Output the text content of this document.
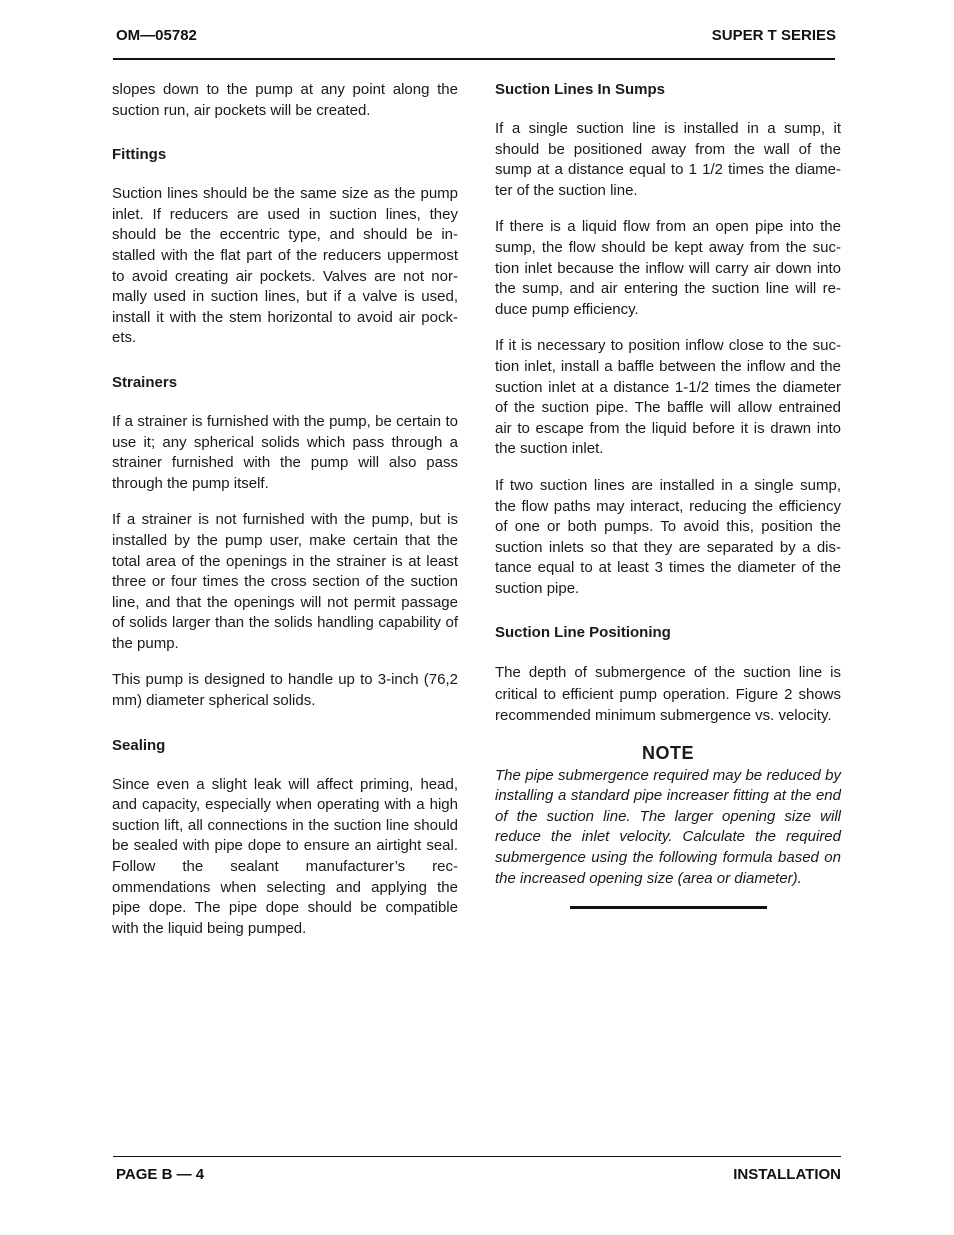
OM—05782	SUPER T SERIES

slopes down to the pump at any point along the suction run, air pockets will be created.

Fittings

Suction lines should be the same size as the pump inlet. If reducers are used in suction lines, they should be the eccentric type, and should be installed with the flat part of the reducers uppermost to avoid creating air pockets. Valves are not normally used in suction lines, but if a valve is used, install it with the stem horizontal to avoid air pockets.

Strainers

If a strainer is furnished with the pump, be certain to use it; any spherical solids which pass through a strainer furnished with the pump will also pass through the pump itself.

If a strainer is not furnished with the pump, but is installed by the pump user, make certain that the total area of the openings in the strainer is at least three or four times the cross section of the suction line, and that the openings will not permit passage of solids larger than the solids handling capability of the pump.

This pump is designed to handle up to 3-inch (76,2 mm) diameter spherical solids.

Sealing

Since even a slight leak will affect priming, head, and capacity, especially when operating with a high suction lift, all connections in the suction line should be sealed with pipe dope to ensure an airtight seal. Follow the sealant manufacturer’s recommendations when selecting and applying the pipe dope. The pipe dope should be compatible with the liquid being pumped.

Suction Lines In Sumps

If a single suction line is installed in a sump, it should be positioned away from the wall of the sump at a distance equal to 1 1/2 times the diameter of the suction line.

If there is a liquid flow from an open pipe into the sump, the flow should be kept away from the suction inlet because the inflow will carry air down into the sump, and air entering the suction line will reduce pump efficiency.

If it is necessary to position inflow close to the suction inlet, install a baffle between the inflow and the suction inlet at a distance 1-1/2 times the diameter of the suction pipe. The baffle will allow entrained air to escape from the liquid before it is drawn into the suction inlet.

If two suction lines are installed in a single sump, the flow paths may interact, reducing the efficiency of one or both pumps. To avoid this, position the suction inlets so that they are separated by a distance equal to at least 3 times the diameter of the suction pipe.

Suction Line Positioning

The depth of submergence of the suction line is critical to efficient pump operation. Figure 2 shows recommended minimum submergence vs. velocity.

NOTE

The pipe submergence required may be reduced by installing a standard pipe increaser fitting at the end of the suction line. The larger opening size will reduce the inlet velocity. Calculate the required submergence using the following formula based on the increased opening size (area or diameter).

PAGE B — 4	INSTALLATION
